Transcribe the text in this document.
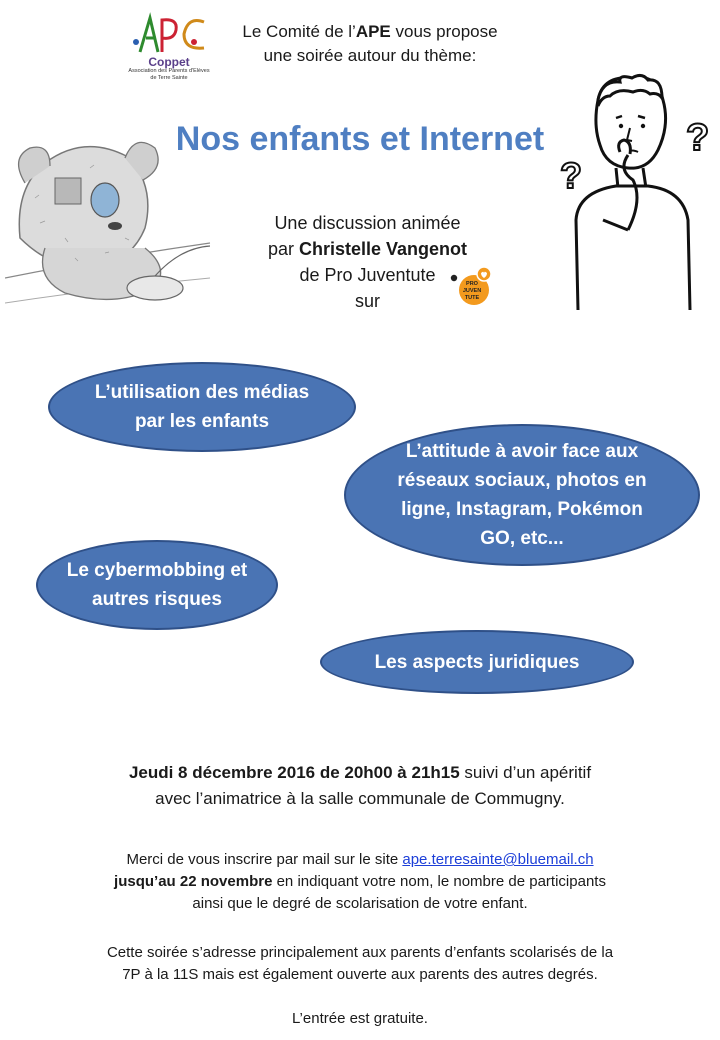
Coppet
Association des Parents d'Elèves de Terre Sainte
Le Comité de l’APE vous propose
une soirée autour du thème:
Nos enfants et Internet
Une discussion animée
par Christelle Vangenot
de Pro Juventute
sur
PRO
JUVEN
TUTE
?
?
L’utilisation des médias
par les enfants
L’attitude à avoir face aux
réseaux sociaux, photos en
ligne, Instagram, Pokémon
GO, etc...
Le cybermobbing et
autres risques
Les aspects juridiques
Jeudi 8 décembre 2016 de 20h00 à 21h15 suivi d’un apéritif
avec l’animatrice à la salle communale de Commugny.
Merci de vous inscrire par mail sur le site ape.terresainte@bluemail.ch
jusqu’au 22 novembre en indiquant votre nom, le nombre de participants
ainsi que le degré de scolarisation de votre enfant.
Cette soirée s’adresse principalement aux parents d’enfants scolarisés de la
7P à la 11S mais est également ouverte aux parents des autres degrés.
L’entrée est gratuite.
